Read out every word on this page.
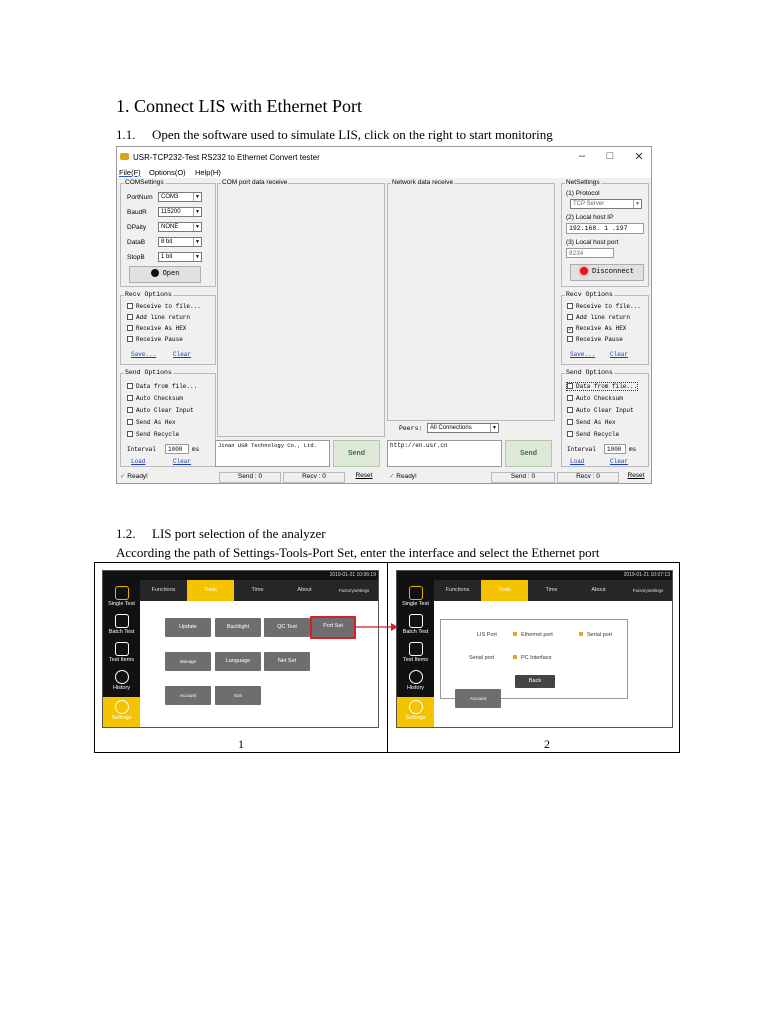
1. Connect LIS with Ethernet Port
1.1. Open the software used to simulate LIS, click on the right to start monitoring
USR-TCP232-Test RS232 to Ethernet Convert tester	–	□	✕
File(F) Options(O) Help(H)
COMSettings
PortNum	COM3	▼
BaudR	115200	▼
DPaity	NONE	▼
DataB	8 bit	▼
StopB	1 bit	▼
Open
Recv Options
Receive to file...
Add line return
Receive As HEX
Receive Pause
Save...	Clear
Send Options
Data from file...
Auto Checksum
Auto Clear Input
Send As Hex
Send Recycle
Interval	1000	ms
Load	Clear
COM port data receive
Jinan USR Technology Co., Ltd.
Send
Network data receive
Peers:	All Connections	▼
http://en.usr.cn
Send
NetSettings
(1) Protocol
TCP Server	▼
(2) Local host IP
192.168. 1 .197
(3) Local host port
8234
Disconnect
Recv Options
Receive to file...
Add line return
✓ Receive As HEX
Receive Pause
Save... Clear
Send Options
Data from file...
Auto Checksum
Auto Clear Input
Send As Hex
Send Recycle
Interval	1000	ms
Load	Clear
✓ Ready!	Send : 0	Recv : 0	Reset	✓ Ready!	Send : 0	Recv : 0	Reset
1.2. LIS port selection of the analyzer
According the path of Settings-Tools-Port Set, enter the interface and select the Ethernet port
2019-01-21 10:06:19
Single Test
Batch Test
Test Items
History
Settings
Functions	Tools	Time	About	Factorysettings
Update	Backlight	QC Test	Port Set
Manage	Language	Net Set
Account	Exit
2019-01-21 10:07:13
Single Test
Batch Test
Test Items
History
Settings
Functions	Tools	Time	About	Factorysettings
LIS Port	Ethernet port	Serial port
Serial port	PC Interface
Back
Account
1	2
